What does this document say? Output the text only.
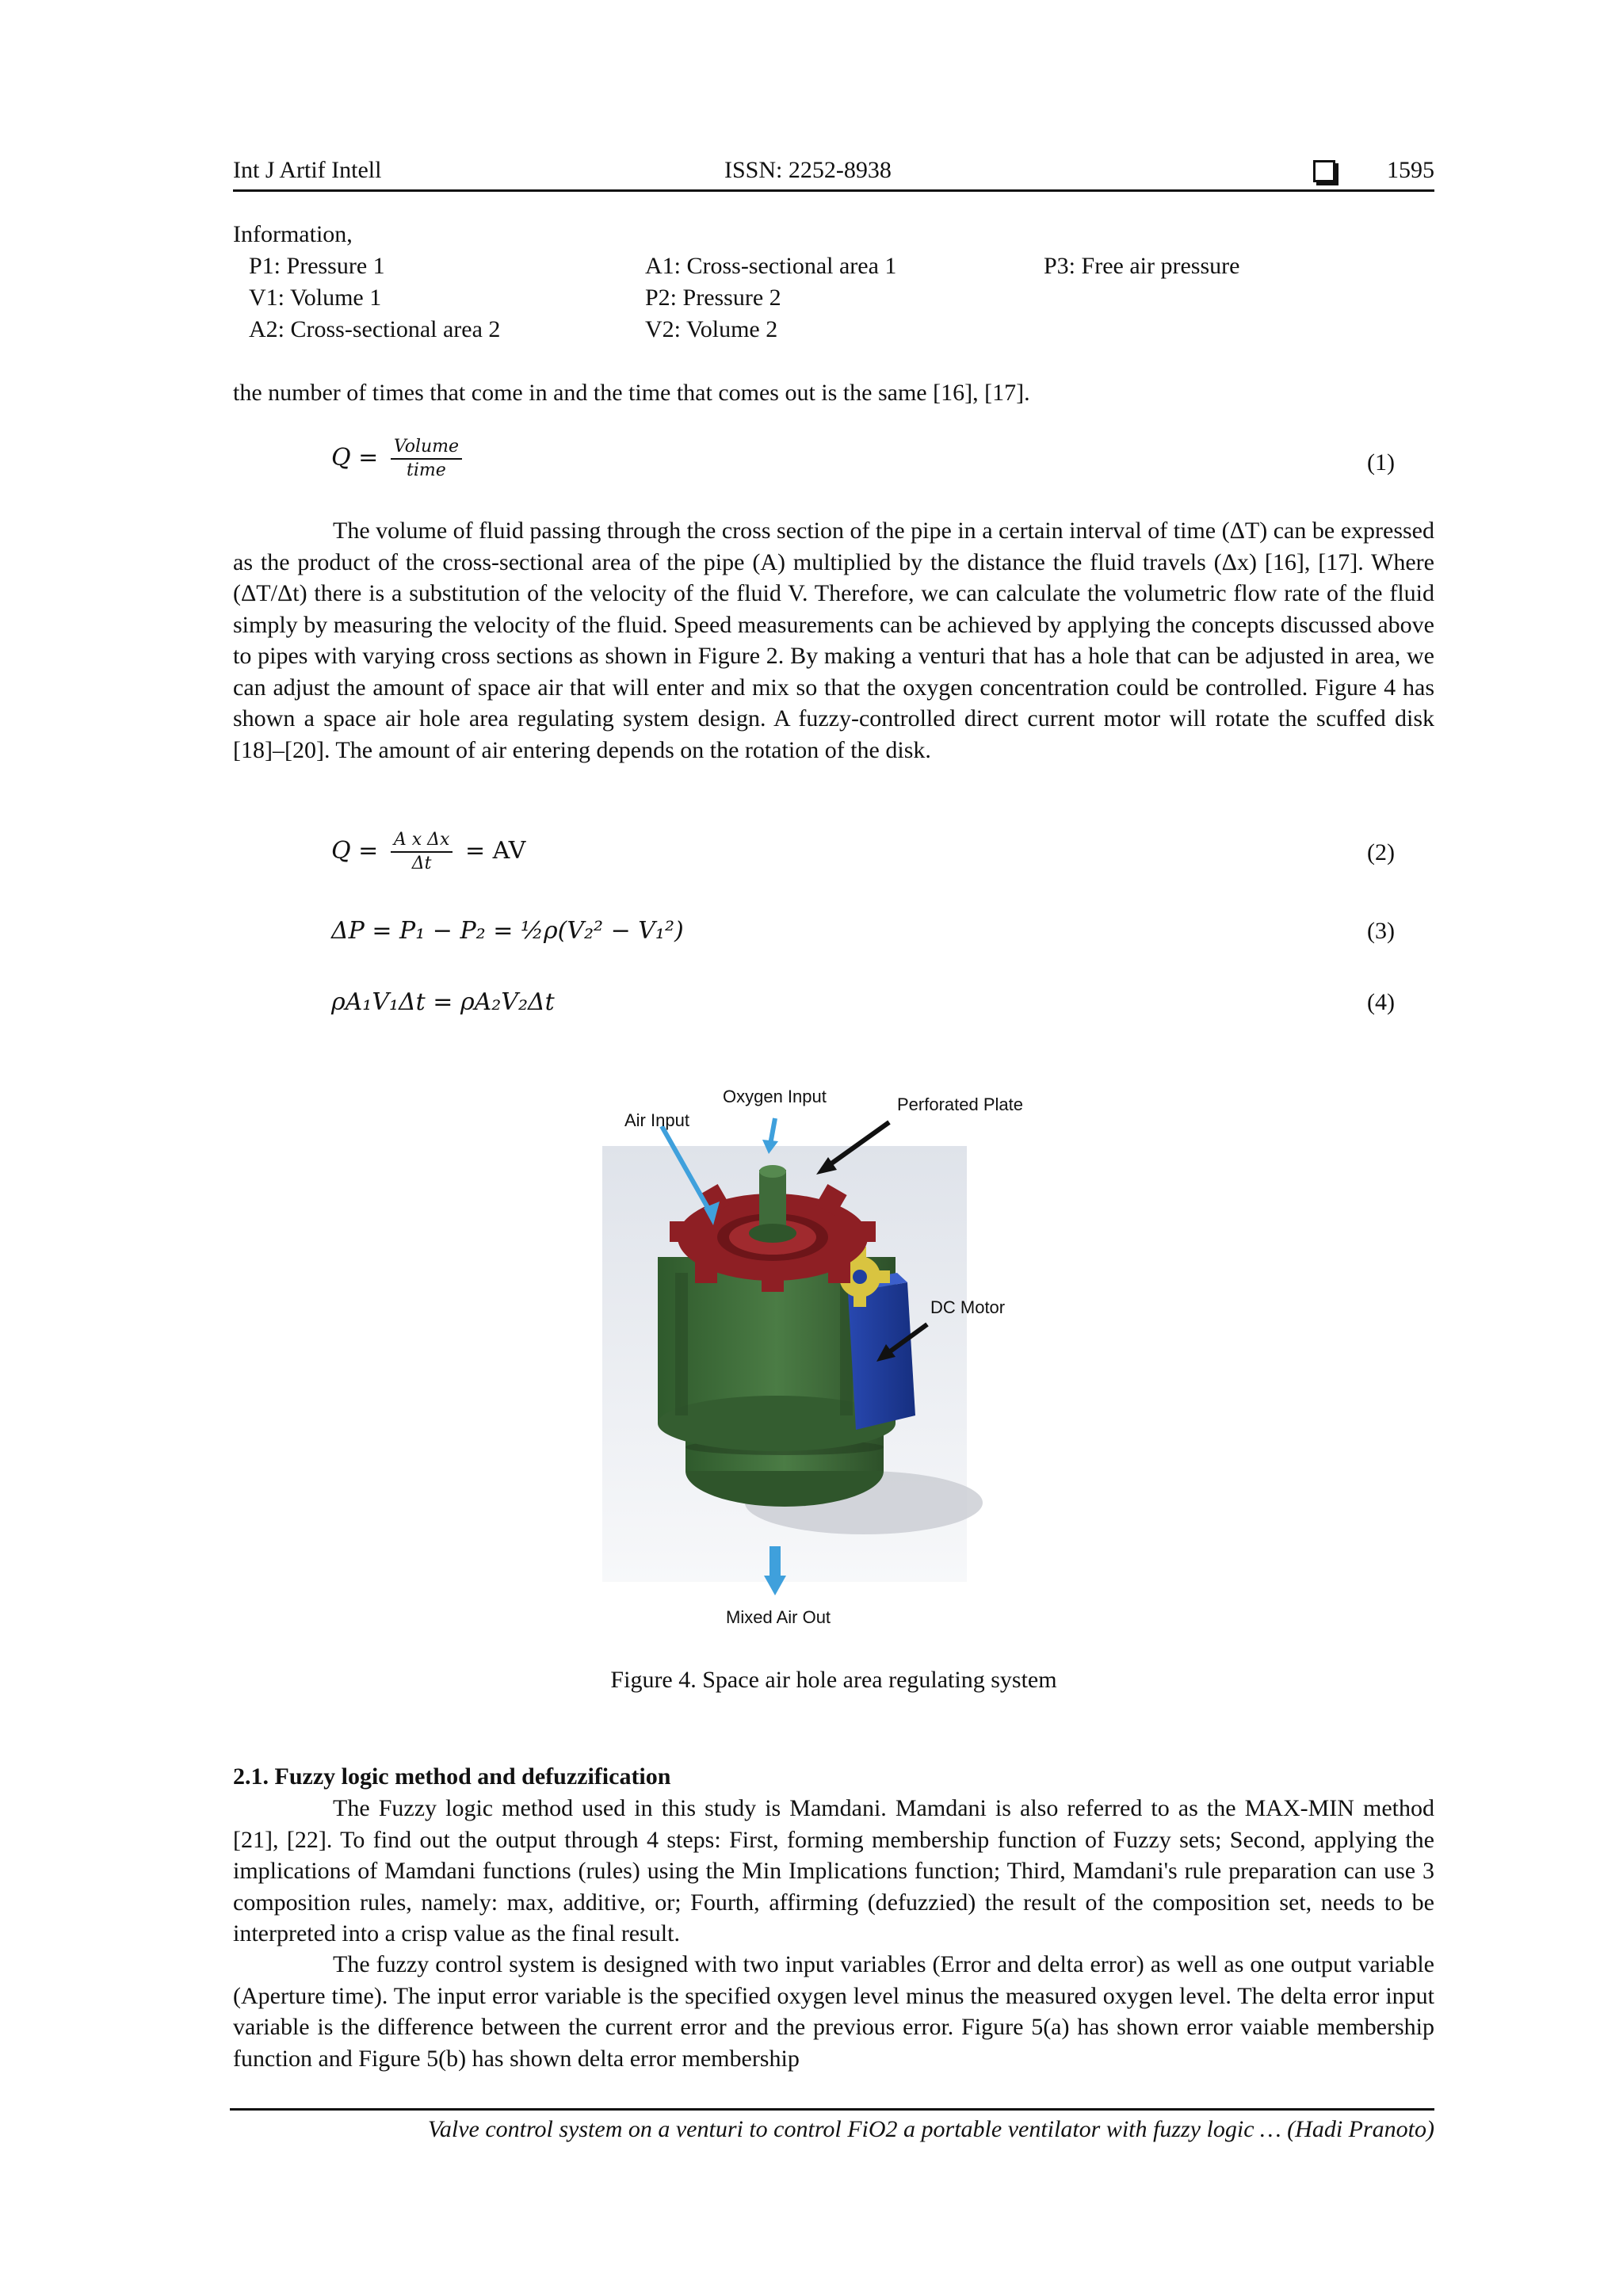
Int J Artif Intell	ISSN: 2252-8938	1595
Information,
P1: Pressure 1	A1: Cross-sectional area 1	P3: Free air pressure
V1: Volume 1	P2: Pressure 2
A2: Cross-sectional area 2	V2: Volume 2

the number of times that come in and the time that comes out is the same [16], [17].

$Q = \frac{\text{Volume}}{\text{time}}$	(1)

The volume of fluid passing through the cross section of the pipe in a certain interval of time (ΔT) can be expressed as the product of the cross-sectional area of the pipe (A) multiplied by the distance the fluid travels (Δx) [16], [17]. Where (ΔT/Δt) there is a substitution of the velocity of the fluid V. Therefore, we can calculate the volumetric flow rate of the fluid simply by measuring the velocity of the fluid. Speed measurements can be achieved by applying the concepts discussed above to pipes with varying cross sections as shown in Figure 2. By making a venturi that has a hole that can be adjusted in area, we can adjust the amount of space air that will enter and mix so that the oxygen concentration could be controlled. Figure 4 has shown a space air hole area regulating system design. A fuzzy-controlled direct current motor will rotate the scuffed disk [18]–[20]. The amount of air entering depends on the rotation of the disk.

$Q = \frac{\text{A x Δx}}{\Delta t}$ = AV	(2)
ΔP = P₁ − P₂ = ½ρ(V₂² − V₁²)	(3)
ρA₁V₁Δt = ρA₂V₂Δt	(4)
Oxygen Input
Air Input
Perforated Plate
DC Motor
Mixed Air Out
Figure 4. Space air hole area regulating system
2.1. Fuzzy logic method and defuzzification

The Fuzzy logic method used in this study is Mamdani. Mamdani is also referred to as the MAX-MIN method [21], [22]. To find out the output through 4 steps: First, forming membership function of Fuzzy sets; Second, applying the implications of Mamdani functions (rules) using the Min Implications function; Third, Mamdani's rule preparation can use 3 composition rules, namely: max, additive, or; Fourth, affirming (defuzzied) the result of the composition set, needs to be interpreted into a crisp value as the final result.

The fuzzy control system is designed with two input variables (Error and delta error) as well as one output variable (Aperture time). The input error variable is the specified oxygen level minus the measured oxygen level. The delta error input variable is the difference between the current error and the previous error. Figure 5(a) has shown error vaiable membership function and Figure 5(b) has shown delta error membership

Valve control system on a venturi to control FiO2 a portable ventilator with fuzzy logic … (Hadi Pranoto)
